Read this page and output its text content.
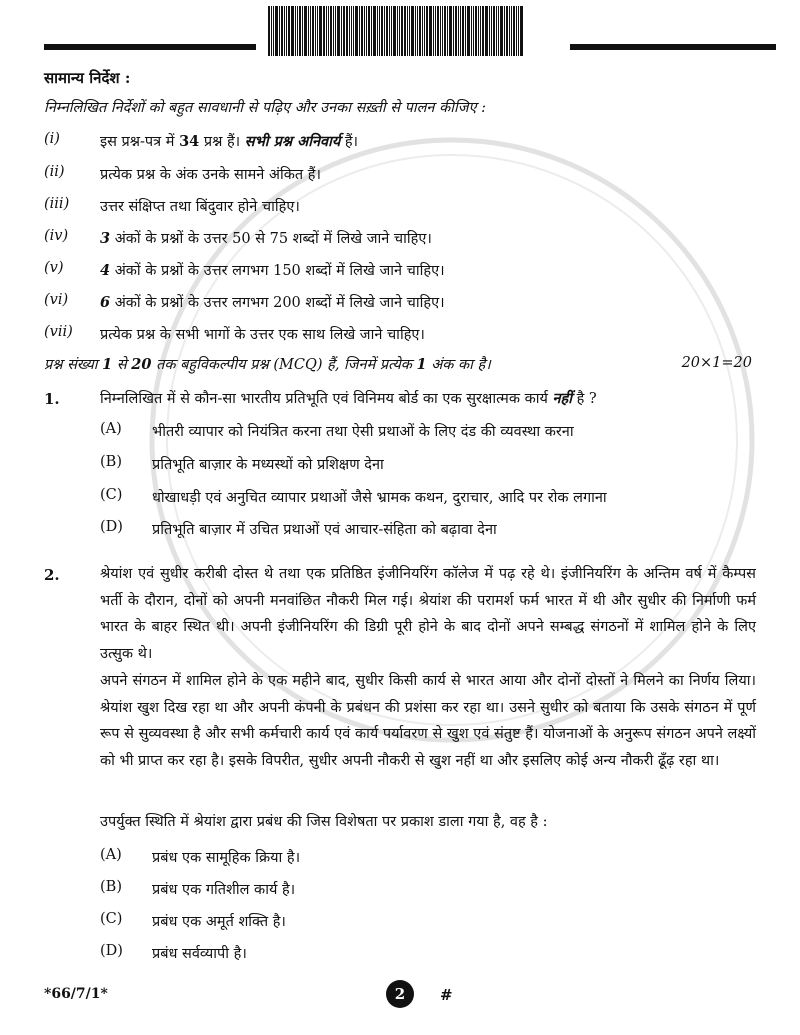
सामान्य निर्देश :
निम्नलिखित निर्देशों को बहुत सावधानी से पढ़िए और उनका सख़्ती से पालन कीजिए :
(i)	इस प्रश्न-पत्र में 34 प्रश्न हैं। सभी प्रश्न अनिवार्य हैं।
(ii) प्रत्येक प्रश्न के अंक उनके सामने अंकित हैं।
(iii) उत्तर संक्षिप्त तथा बिंदुवार होने चाहिए।
(iv) 3 अंकों के प्रश्नों के उत्तर 50 से 75 शब्दों में लिखे जाने चाहिए।
(v)	4 अंकों के प्रश्नों के उत्तर लगभग 150 शब्दों में लिखे जाने चाहिए।
(vi) 6 अंकों के प्रश्नों के उत्तर लगभग 200 शब्दों में लिखे जाने चाहिए।
(vii) प्रत्येक प्रश्न के सभी भागों के उत्तर एक साथ लिखे जाने चाहिए।
प्रश्न संख्या 1 से 20 तक बहुविकल्पीय प्रश्न (MCQ) हैं, जिनमें प्रत्येक 1 अंक का है।	20×1=20
1.	निम्नलिखित में से कौन-सा भारतीय प्रतिभूति एवं विनिमय बोर्ड का एक सुरक्षात्मक कार्य नहीं है ?
(A) भीतरी व्यापार को नियंत्रित करना तथा ऐसी प्रथाओं के लिए दंड की व्यवस्था करना
(B) प्रतिभूति बाज़ार के मध्यस्थों को प्रशिक्षण देना
(C) धोखाधड़ी एवं अनुचित व्यापार प्रथाओं जैसे भ्रामक कथन, दुराचार, आदि पर रोक लगाना
(D) प्रतिभूति बाज़ार में उचित प्रथाओं एवं आचार-संहिता को बढ़ावा देना
2.	श्रेयांश एवं सुधीर करीबी दोस्त थे तथा एक प्रतिष्ठित इंजीनियरिंग कॉलेज में पढ़ रहे थे। इंजीनियरिंग के अन्तिम वर्ष में कैम्पस भर्ती के दौरान, दोनों को अपनी मनवांछित नौकरी मिल गई। श्रेयांश की परामर्श फर्म भारत में थी और सुधीर की निर्माणी फर्म भारत के बाहर स्थित थी। अपनी इंजीनियरिंग की डिग्री पूरी होने के बाद दोनों अपने सम्बद्ध संगठनों में शामिल होने के लिए उत्सुक थे।
अपने संगठन में शामिल होने के एक महीने बाद, सुधीर किसी कार्य से भारत आया और दोनों दोस्तों ने मिलने का निर्णय लिया। श्रेयांश खुश दिख रहा था और अपनी कंपनी के प्रबंधन की प्रशंसा कर रहा था। उसने सुधीर को बताया कि उसके संगठन में पूर्ण रूप से सुव्यवस्था है और सभी कर्मचारी कार्य एवं कार्य पर्यावरण से खुश एवं संतुष्ट हैं। योजनाओं के अनुरूप संगठन अपने लक्ष्यों को भी प्राप्त कर रहा है। इसके विपरीत, सुधीर अपनी नौकरी से खुश नहीं था और इसलिए कोई अन्य नौकरी ढूँढ़ रहा था।
उपर्युक्त स्थिति में श्रेयांश द्वारा प्रबंध की जिस विशेषता पर प्रकाश डाला गया है, वह है :
(A) प्रबंध एक सामूहिक क्रिया है।
(B) प्रबंध एक गतिशील कार्य है।
(C) प्रबंध एक अमूर्त शक्ति है।
(D) प्रबंध सर्वव्यापी है।
*66/7/1*	2	#
